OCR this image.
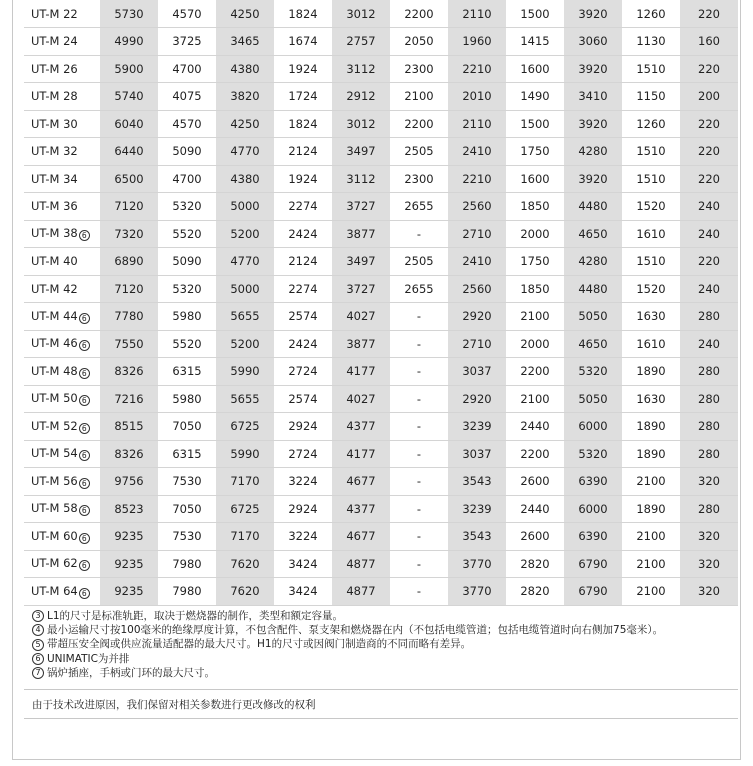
UT-M 22	5730	4570	4250	1824	3012	2200	2110	1500	3920	1260	220
UT-M 24	4990	3725	3465	1674	2757	2050	1960	1415	3060	1130	160
UT-M 26	5900	4700	4380	1924	3112	2300	2210	1600	3920	1510	220
UT-M 28	5740	4075	3820	1724	2912	2100	2010	1490	3410	1150	200
UT-M 30	6040	4570	4250	1824	3012	2200	2110	1500	3920	1260	220
UT-M 32	6440	5090	4770	2124	3497	2505	2410	1750	4280	1510	220
UT-M 34	6500	4700	4380	1924	3112	2300	2210	1600	3920	1510	220
UT-M 36	7120	5320	5000	2274	3727	2655	2560	1850	4480	1520	240
UT-M 38 6	7320	5520	5200	2424	3877	-	2710	2000	4650	1610	240
UT-M 40	6890	5090	4770	2124	3497	2505	2410	1750	4280	1510	220
UT-M 42	7120	5320	5000	2274	3727	2655	2560	1850	4480	1520	240
UT-M 44 6	7780	5980	5655	2574	4027	-	2920	2100	5050	1630	280
UT-M 46 6	7550	5520	5200	2424	3877	-	2710	2000	4650	1610	240
UT-M 48 6	8326	6315	5990	2724	4177	-	3037	2200	5320	1890	280
UT-M 50 6	7216	5980	5655	2574	4027	-	2920	2100	5050	1630	280
UT-M 52 6	8515	7050	6725	2924	4377	-	3239	2440	6000	1890	280
UT-M 54 6	8326	6315	5990	2724	4177	-	3037	2200	5320	1890	280
UT-M 56 6	9756	7530	7170	3224	4677	-	3543	2600	6390	2100	320
UT-M 58 6	8523	7050	6725	2924	4377	-	3239	2440	6000	1890	280
UT-M 60 6	9235	7530	7170	3224	4677	-	3543	2600	6390	2100	320
UT-M 62 6	9235	7980	7620	3424	4877	-	3770	2820	6790	2100	320
UT-M 64 6	9235	7980	7620	3424	4877	-	3770	2820	6790	2100	320
3 L1的尺寸是标准轨距，取决于燃烧器的制作，类型和额定容量。
4 最小运输尺寸按100毫米的绝缘厚度计算，不包含配件、泵支架和燃烧器在内（不包括电缆管道；包括电缆管道时向右侧加75毫米）。
5 带超压安全阀或供应流量适配器的最大尺寸。H1的尺寸或因阀门制造商的不同而略有差异。
6 UNIMATIC为并排
7 锅炉插座，手柄或门环的最大尺寸。
由于技术改进原因，我们保留对相关参数进行更改修改的权利
